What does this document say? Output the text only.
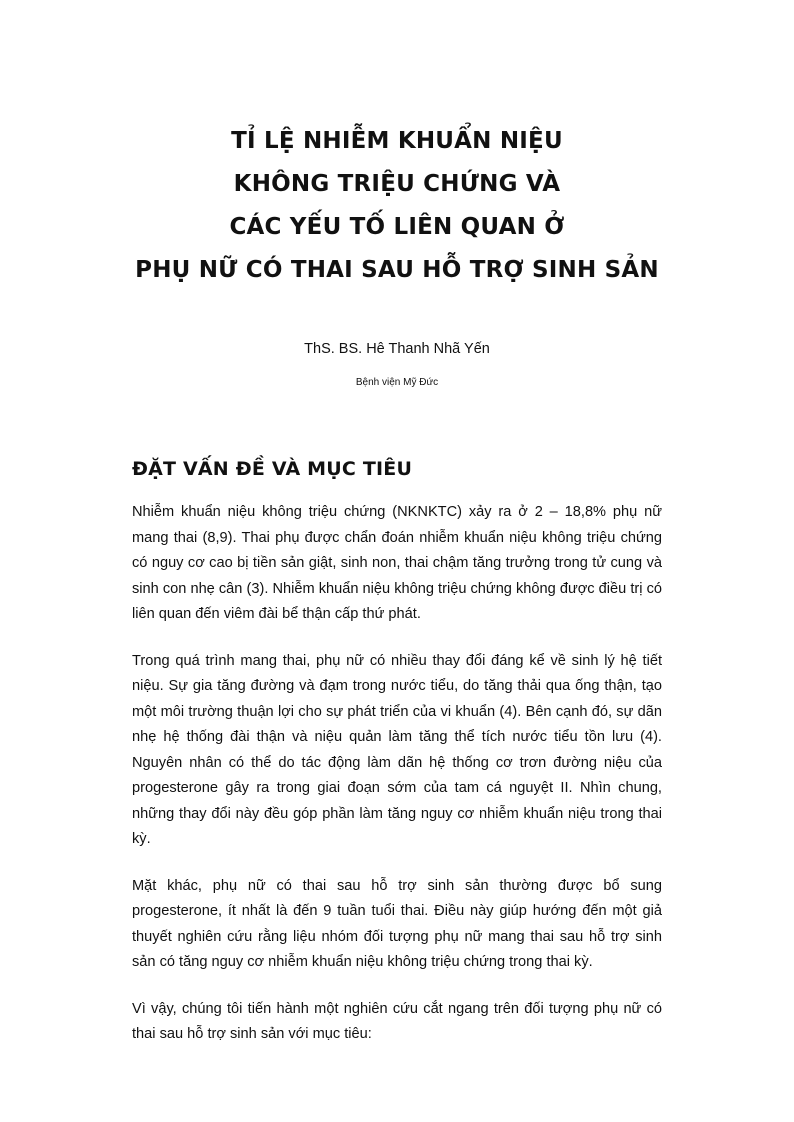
TỈ LỆ NHIỄM KHUẨN NIỆU
KHÔNG TRIỆU CHỨNG VÀ
CÁC YẾU TỐ LIÊN QUAN Ở
PHỤ NỮ CÓ THAI SAU HỖ TRỢ SINH SẢN
ThS. BS. Hê Thanh Nhã Yến
Bệnh viện Mỹ Đức
ĐẶT VẤN ĐỀ VÀ MỤC TIÊU

Nhiễm khuẩn niệu không triệu chứng (NKNKTC) xảy ra ở 2 – 18,8% phụ nữ mang thai (8,9). Thai phụ được chẩn đoán nhiễm khuẩn niệu không triệu chứng có nguy cơ cao bị tiền sản giật, sinh non, thai chậm tăng trưởng trong tử cung và sinh con nhẹ cân (3). Nhiễm khuẩn niệu không triệu chứng không được điều trị có liên quan đến viêm đài bể thận cấp thứ phát.

Trong quá trình mang thai, phụ nữ có nhiều thay đổi đáng kể về sinh lý hệ tiết niệu. Sự gia tăng đường và đạm trong nước tiểu, do tăng thải qua ống thận, tạo một môi trường thuận lợi cho sự phát triển của vi khuẩn (4). Bên cạnh đó, sự dãn nhẹ hệ thống đài thận và niệu quản làm tăng thể tích nước tiểu tồn lưu (4). Nguyên nhân có thể do tác động làm dãn hệ thống cơ trơn đường niệu của progesterone gây ra trong giai đoạn sớm của tam cá nguyệt II. Nhìn chung, những thay đổi này đều góp phần làm tăng nguy cơ nhiễm khuẩn niệu trong thai kỳ.

Mặt khác, phụ nữ có thai sau hỗ trợ sinh sản thường được bổ sung progesterone, ít nhất là đến 9 tuần tuổi thai. Điều này giúp hướng đến một giả thuyết nghiên cứu rằng liệu nhóm đối tượng phụ nữ mang thai sau hỗ trợ sinh sản có tăng nguy cơ nhiễm khuẩn niệu không triệu chứng trong thai kỳ.

Vì vậy, chúng tôi tiến hành một nghiên cứu cắt ngang trên đối tượng phụ nữ có thai sau hỗ trợ sinh sản với mục tiêu:
